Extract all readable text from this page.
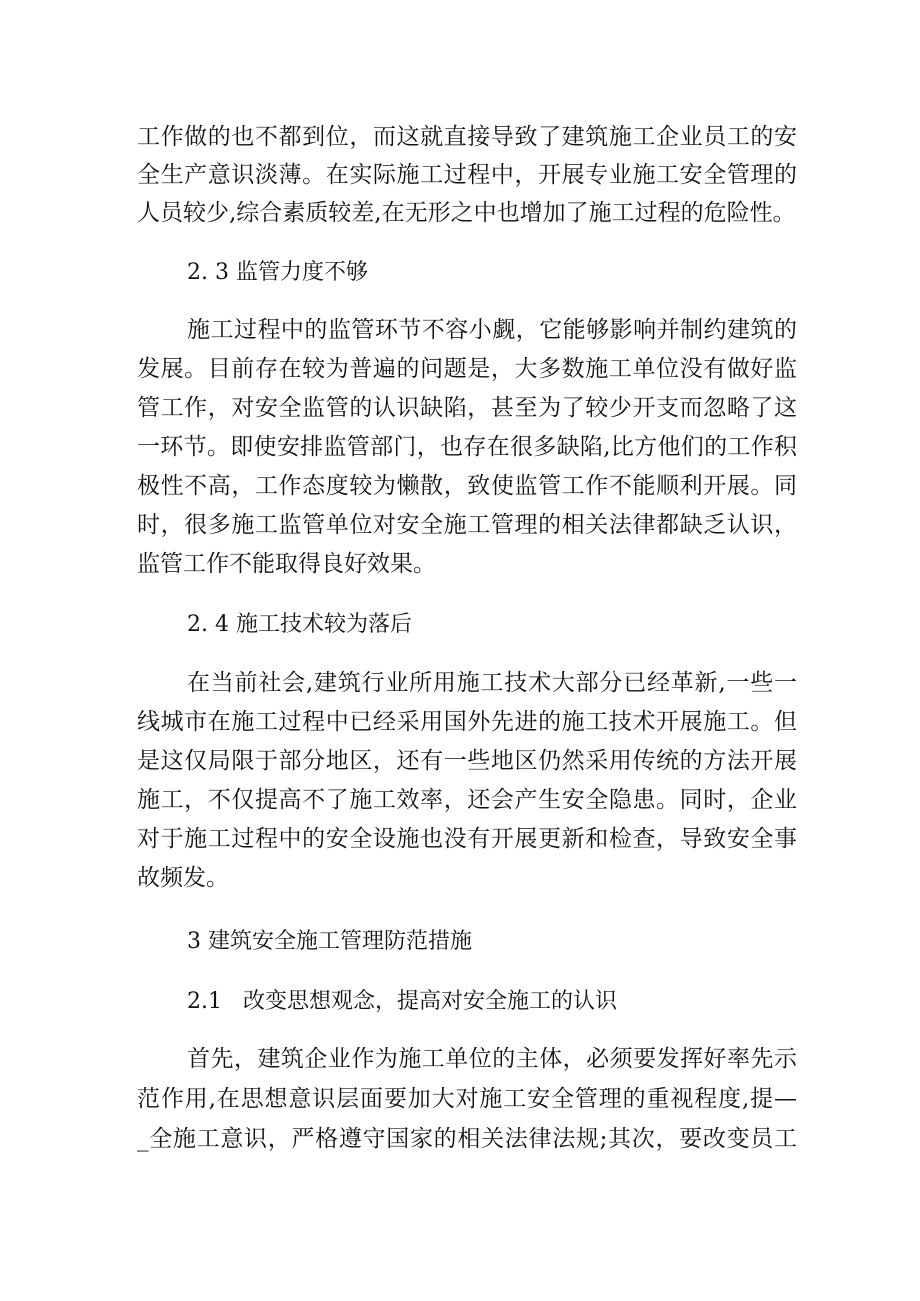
工作做的也不都到位，而这就直接导致了建筑施工企业员工的安
全生产意识淡薄。在实际施工过程中，开展专业施工安全管理的
人员较少,综合素质较差,在无形之中也增加了施工过程的危险性。
2. 3 监管力度不够
施工过程中的监管环节不容小觑，它能够影响并制约建筑的
发展。目前存在较为普遍的问题是，大多数施工单位没有做好监
管工作，对安全监管的认识缺陷，甚至为了较少开支而忽略了这
一环节。即使安排监管部门，也存在很多缺陷,比方他们的工作积
极性不高，工作态度较为懒散，致使监管工作不能顺利开展。同
时，很多施工监管单位对安全施工管理的相关法律都缺乏认识，
监管工作不能取得良好效果。
2. 4 施工技术较为落后
在当前社会,建筑行业所用施工技术大部分已经革新,一些一
线城市在施工过程中已经采用国外先进的施工技术开展施工。但
是这仅局限于部分地区，还有一些地区仍然采用传统的方法开展
施工，不仅提高不了施工效率，还会产生安全隐患。同时，企业
对于施工过程中的安全设施也没有开展更新和检查，导致安全事
故频发。
3 建筑安全施工管理防范措施
2.1   改变思想观念，提高对安全施工的认识
首先，建筑企业作为施工单位的主体，必须要发挥好率先示
范作用,在思想意识层面要加大对施工安全管理的重视程度,提—
_全施工意识，严格遵守国家的相关法律法规;其次，要改变员工
